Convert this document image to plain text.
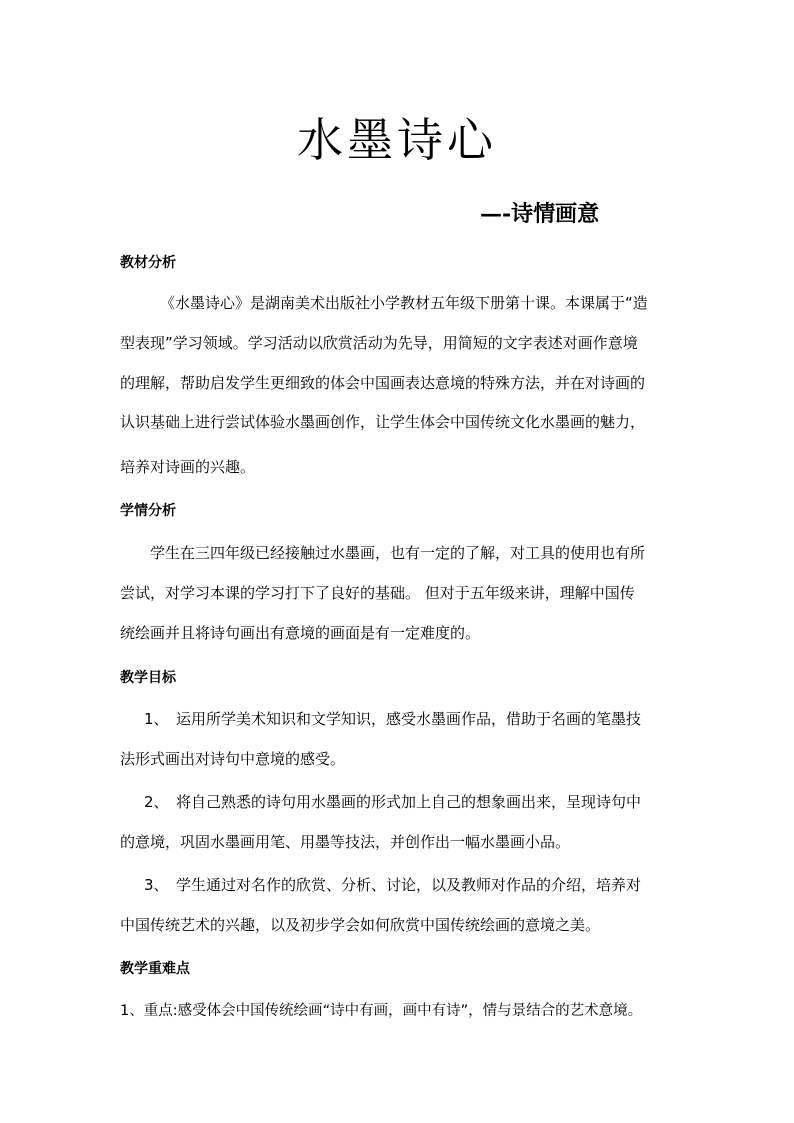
水墨诗心
—-诗情画意
教材分析
《水墨诗心》是湖南美术出版社小学教材五年级下册第十课。本课属于“造
型表现”学习领域。学习活动以欣赏活动为先导，用简短的文字表述对画作意境
的理解，帮助启发学生更细致的体会中国画表达意境的特殊方法，并在对诗画的
认识基础上进行尝试体验水墨画创作，让学生体会中国传统文化水墨画的魅力，
培养对诗画的兴趣。
学情分析
学生在三四年级已经接触过水墨画，也有一定的了解，对工具的使用也有所
尝试，对学习本课的学习打下了良好的基础。 但对于五年级来讲，理解中国传
统绘画并且将诗句画出有意境的画面是有一定难度的。
教学目标
1、 运用所学美术知识和文学知识，感受水墨画作品，借助于名画的笔墨技
法形式画出对诗句中意境的感受。
2、 将自己熟悉的诗句用水墨画的形式加上自己的想象画出来，呈现诗句中
的意境，巩固水墨画用笔、用墨等技法，并创作出一幅水墨画小品。
3、 学生通过对名作的欣赏、分析、讨论，以及教师对作品的介绍，培养对
中国传统艺术的兴趣，以及初步学会如何欣赏中国传统绘画的意境之美。
教学重难点
1、重点:感受体会中国传统绘画“诗中有画，画中有诗”，情与景结合的艺术意境。
